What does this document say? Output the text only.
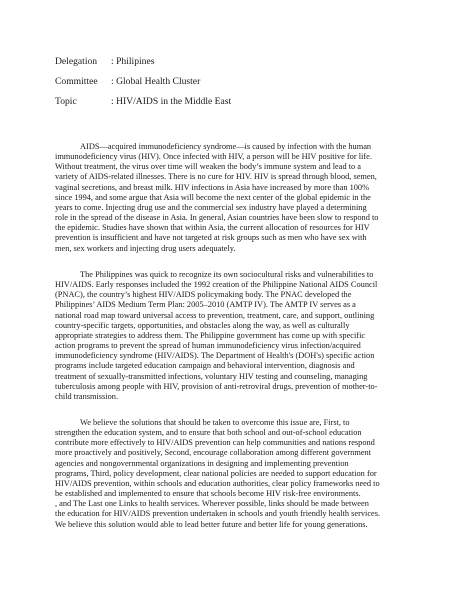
Delegation : Philipines
Committee : Global Health Cluster
Topic	: HIV/AIDS in the Middle East

AIDS—acquired immunodeficiency syndrome—is caused by infection with the human
immunodeficiency virus (HIV). Once infected with HIV, a person will be HIV positive for life.
Without treatment, the virus over time will weaken the body’s immune system and lead to a
variety of AIDS-related illnesses. There is no cure for HIV. HIV is spread through blood, semen,
vaginal secretions, and breast milk. HIV infections in Asia have increased by more than 100%
since 1994, and some argue that Asia will become the next center of the global epidemic in the
years to come. Injecting drug use and the commercial sex industry have played a determining
role in the spread of the disease in Asia. In general, Asian countries have been slow to respond to
the epidemic. Studies have shown that within Asia, the current allocation of resources for HIV
prevention is insufficient and have not targeted at risk groups such as men who have sex with
men, sex workers and injecting drug users adequately.

The Philippines was quick to recognize its own sociocultural risks and vulnerabilities to
HIV/AIDS. Early responses included the 1992 creation of the Philippine National AIDS Council
(PNAC), the country’s highest HIV/AIDS policymaking body. The PNAC developed the
Philippines’ AIDS Medium Term Plan: 2005–2010 (AMTP IV). The AMTP IV serves as a
national road map toward universal access to prevention, treatment, care, and support, outlining
country-specific targets, opportunities, and obstacles along the way, as well as culturally
appropriate strategies to address them. The Philippine government has come up with specific
action programs to prevent the spread of human immunodeficiency virus infection/acquired
immunodeficiency syndrome (HIV/AIDS). The Department of Health's (DOH's) specific action
programs include targeted education campaign and behavioral intervention, diagnosis and
treatment of sexually-transmitted infections, voluntary HIV testing and counseling, managing
tuberculosis among people with HIV, provision of anti-retroviral drugs, prevention of mother-to-
child transmission.

We believe the solutions that should be taken to overcome this issue are, First, to
strengthen the education system, and to ensure that both school and out-of-school education
contribute more effectively to HIV/AIDS prevention can help communities and nations respond
more proactively and positively, Second, encourage collaboration among different government
agencies and nongovernmental organizations in designing and implementing prevention
programs, Third, policy development, clear national policies are needed to support education for
HIV/AIDS prevention, within schools and education authorities, clear policy frameworks need to
be established and implemented to ensure that schools become HIV risk-free environments.
, and The Last one Links to health services. Wherever possible, links should be made between
the education for HIV/AIDS prevention undertaken in schools and youth friendly health services.
We believe this solution would able to lead better future and better life for young generations.
